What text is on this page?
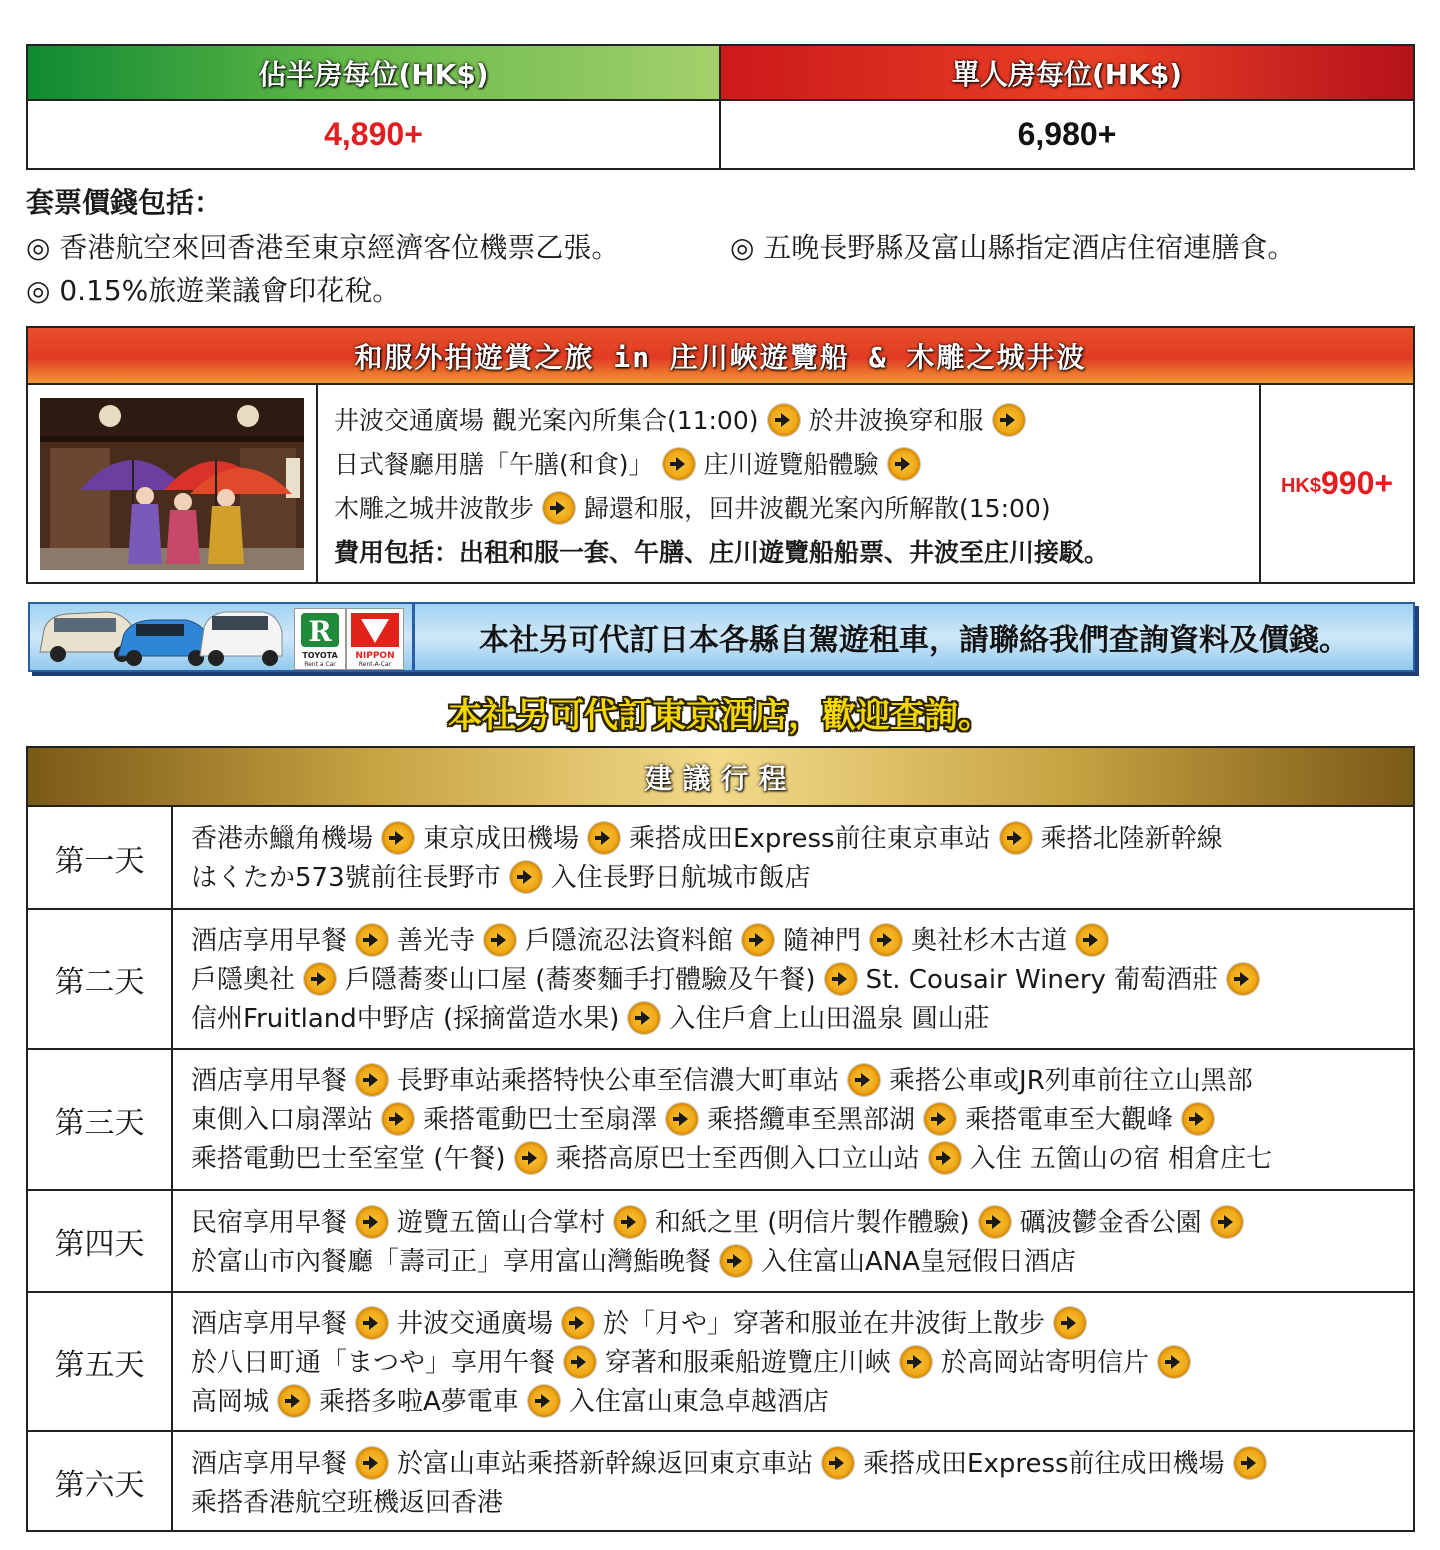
佔半房每位(HK$)	單人房每位(HK$)
4,890+	6,980+
套票價錢包括：
◎ 香港航空來回香港至東京經濟客位機票乙張。	◎ 五晚長野縣及富山縣指定酒店住宿連膳食。
◎ 0.15%旅遊業議會印花稅。
和服外拍遊賞之旅 in 庄川峽遊覽船 & 木雕之城井波
井波交通廣場 觀光案內所集合(11:00) 於井波換穿和服
日式餐廳用膳「午膳(和食)」 庄川遊覽船體驗
木雕之城井波散步 歸還和服，回井波觀光案內所解散(15:00)
費用包括：出租和服一套、午膳、庄川遊覽船船票、井波至庄川接駁。
HK$ 990+
R
TOYOTA
Rent a Car
NIPPON
Rent-A-Car
本社另可代訂日本各縣自駕遊租車，請聯絡我們查詢資料及價錢。
本社另可代訂東京酒店，歡迎查詢。
建議行程
第一天
香港赤鱲角機場 東京成田機場 乘搭成田Express前往東京車站 乘搭北陸新幹線
はくたか573號前往長野市 入住長野日航城市飯店
第二天
酒店享用早餐 善光寺 戶隱流忍法資料館 隨神門 奧社杉木古道
戶隱奧社 戶隱蕎麥山口屋 (蕎麥麵手打體驗及午餐) St. Cousair Winery 葡萄酒莊
信州Fruitland中野店 (採摘當造水果) 入住戶倉上山田溫泉 圓山莊
第三天
酒店享用早餐 長野車站乘搭特快公車至信濃大町車站 乘搭公車或JR列車前往立山黑部
東側入口扇澤站 乘搭電動巴士至扇澤 乘搭纜車至黑部湖 乘搭電車至大觀峰
乘搭電動巴士至室堂 (午餐) 乘搭高原巴士至西側入口立山站 入住 五箇山の宿 相倉庄七
第四天
民宿享用早餐 遊覽五箇山合掌村 和紙之里 (明信片製作體驗) 礪波鬱金香公園
於富山市內餐廳「壽司正」享用富山灣鮨晚餐 入住富山ANA皇冠假日酒店
第五天
酒店享用早餐 井波交通廣場 於「月や」穿著和服並在井波街上散步
於八日町通「まつや」享用午餐 穿著和服乘船遊覽庄川峽 於高岡站寄明信片
高岡城 乘搭多啦A夢電車 入住富山東急卓越酒店
第六天
酒店享用早餐 於富山車站乘搭新幹線返回東京車站 乘搭成田Express前往成田機場
乘搭香港航空班機返回香港
